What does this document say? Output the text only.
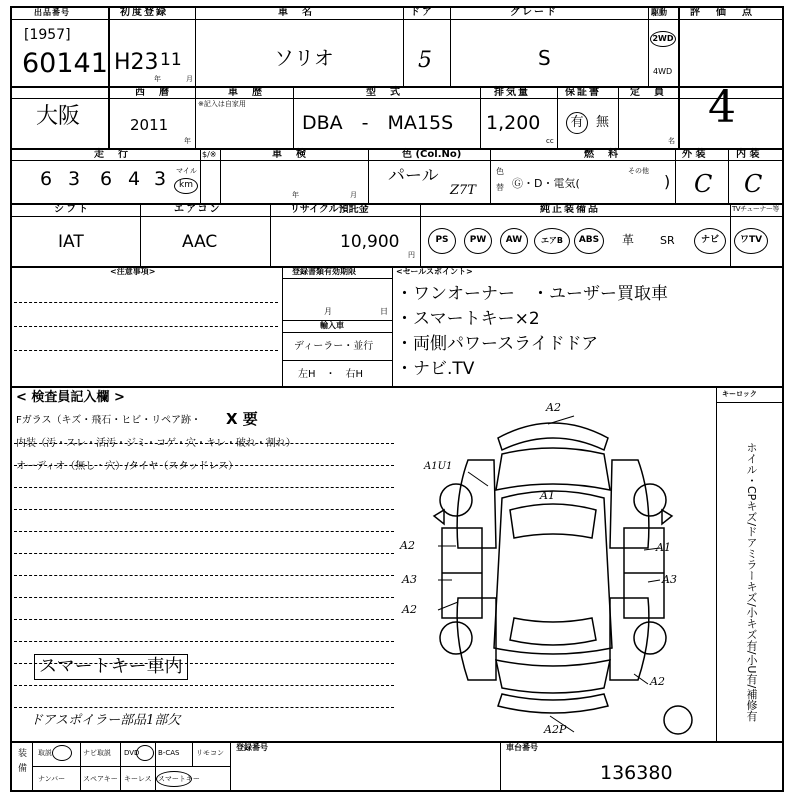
出品番号
[1957]
60141
初度登録
H23 11
年	月
車　名
ソリオ
ドア
5
グレード
S
駆動
2WD
4WD
評　価　点
4
大阪
西　暦
2011
年
車　歴
※記入は自家用
型　式
DBA　-　MA15S
排気量
1,200
cc
保証書
有 無
定　員
名
走　行	$/※
6 3 6 4 3 マイル
km
車　検
年	月
色 (Col.No)
パール
Z7T
色
替
燃　料
Ⓖ・D・電気(
その他
)
外 装
C
内 装
C
シフト
IAT
エアコン
AAC
リサイクル預託金
10,900
円
純正装備品	TVチューナー等
PS	PW	AW	エアB	ABS	革 SR	ナビ	ワTV
<注意事項>	登録書類有効期限
月	日
輸入車
ディーラー・並行
左H　・　右H
<セールスポイント>
・ワンオーナー　・ユーザー買取車
・スマートキー×2
・両側パワースライドドア
・ナビ.TV
< 検査員記入欄 >
Fガラス（キズ・飛石・ヒビ・リペア跡・ X 要
内装（汚・スレ・活汚・ジミ・コゲ・穴・キレ・破れ・割れ）
オーディオ（無し・穴）/タイヤ（スタッドレス）
スマートキー車内
ドアスポイラー部品1部欠
キーロック
ホイル・CPキズ/ドアミラーキズ/小キズ有/小U有/補修有
A2
A1U1
A1
A2	A1
A3	A3
A2
A2
A2P
装備 取説	ナビ取説 DVD	B-CAS リモコン
ナンバー	スペアキー キーレス スマートキー
登録番号	車台番号
136380
